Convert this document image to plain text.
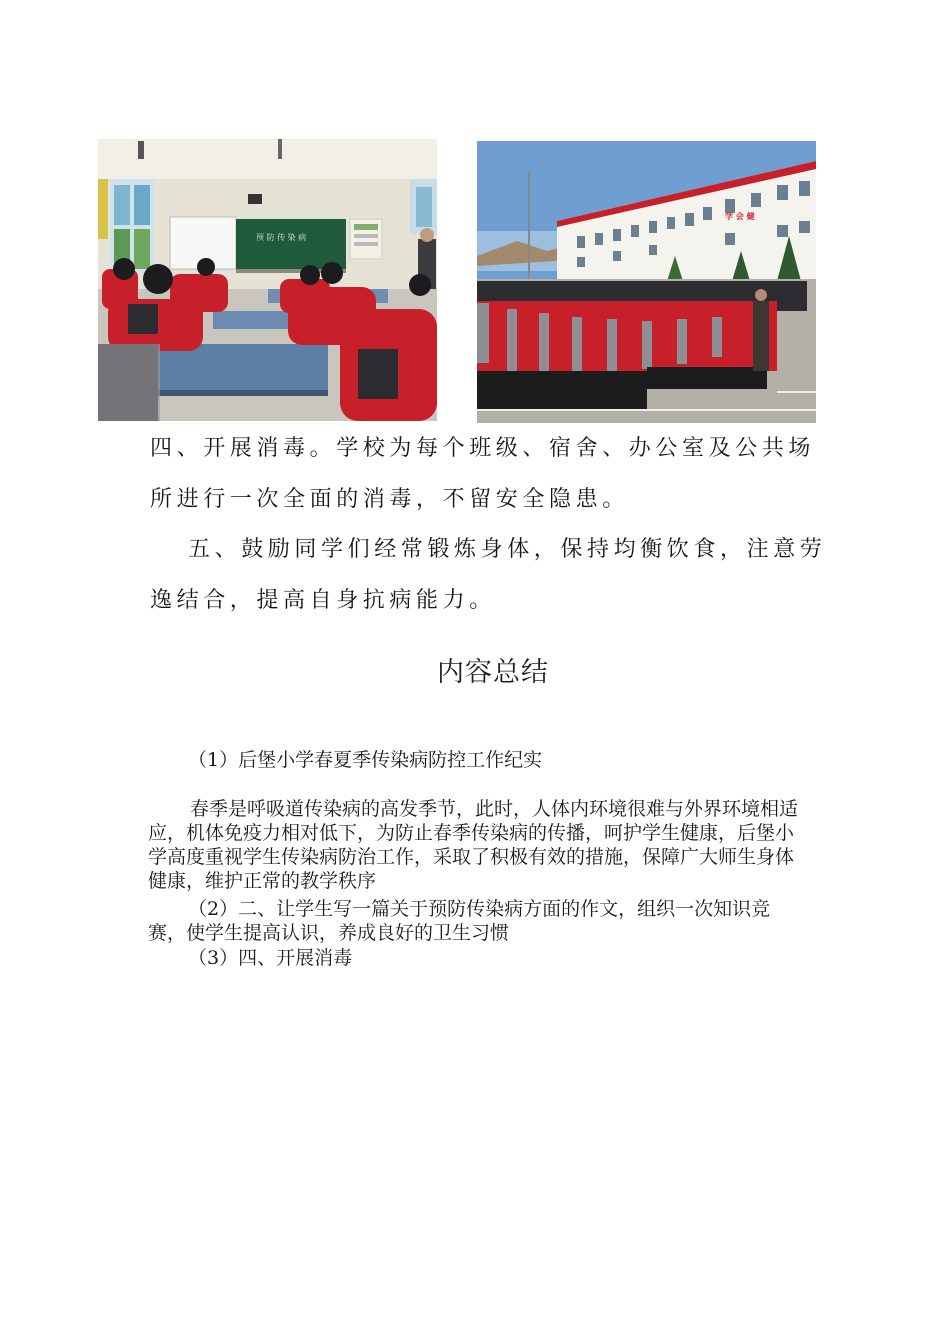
预 防 传 染 病
学 会 健
四、开展消毒。学校为每个班级、宿舍、办公室及公共场
所进行一次全面的消毒，不留安全隐患。
五、鼓励同学们经常锻炼身体，保持均衡饮食，注意劳
逸结合，提高自身抗病能力。
内容总结
（1）后堡小学春夏季传染病防控工作纪实
春季是呼吸道传染病的高发季节，此时，人体内环境很难与外界环境相适应，机体免疫力相对低下，为防止春季传染病的传播，呵护学生健康，后堡小学高度重视学生传染病防治工作，采取了积极有效的措施，保障广大师生身体健康，维护正常的教学秩序
（2）二、让学生写一篇关于预防传染病方面的作文，组织一次知识竞赛，使学生提高认识，养成良好的卫生习惯
（3）四、开展消毒
